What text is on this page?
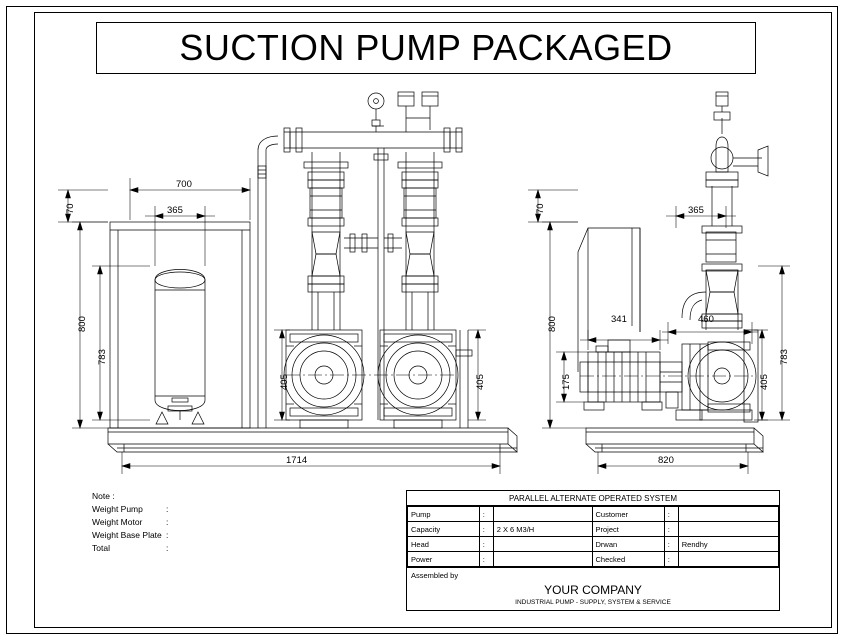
SUCTION PUMP PACKAGED
1714
700
365
800
783
70
405	405
820
365
341	460
800
783
70
175	405
Note :
Weight Pump	:
Weight Motor	:
Weight Base Plate :
Total	:
PARALLEL ALTERNATE OPERATED SYSTEM
Pump	:		Customer	:	
Capacity	:	2 X 6 M3/H	Project	:	
Head	:		Drwan	:	Rendhy
Power	:		Checked	:	
Assembled by
YOUR COMPANY
INDUSTRIAL PUMP - SUPPLY, SYSTEM & SERVICE
